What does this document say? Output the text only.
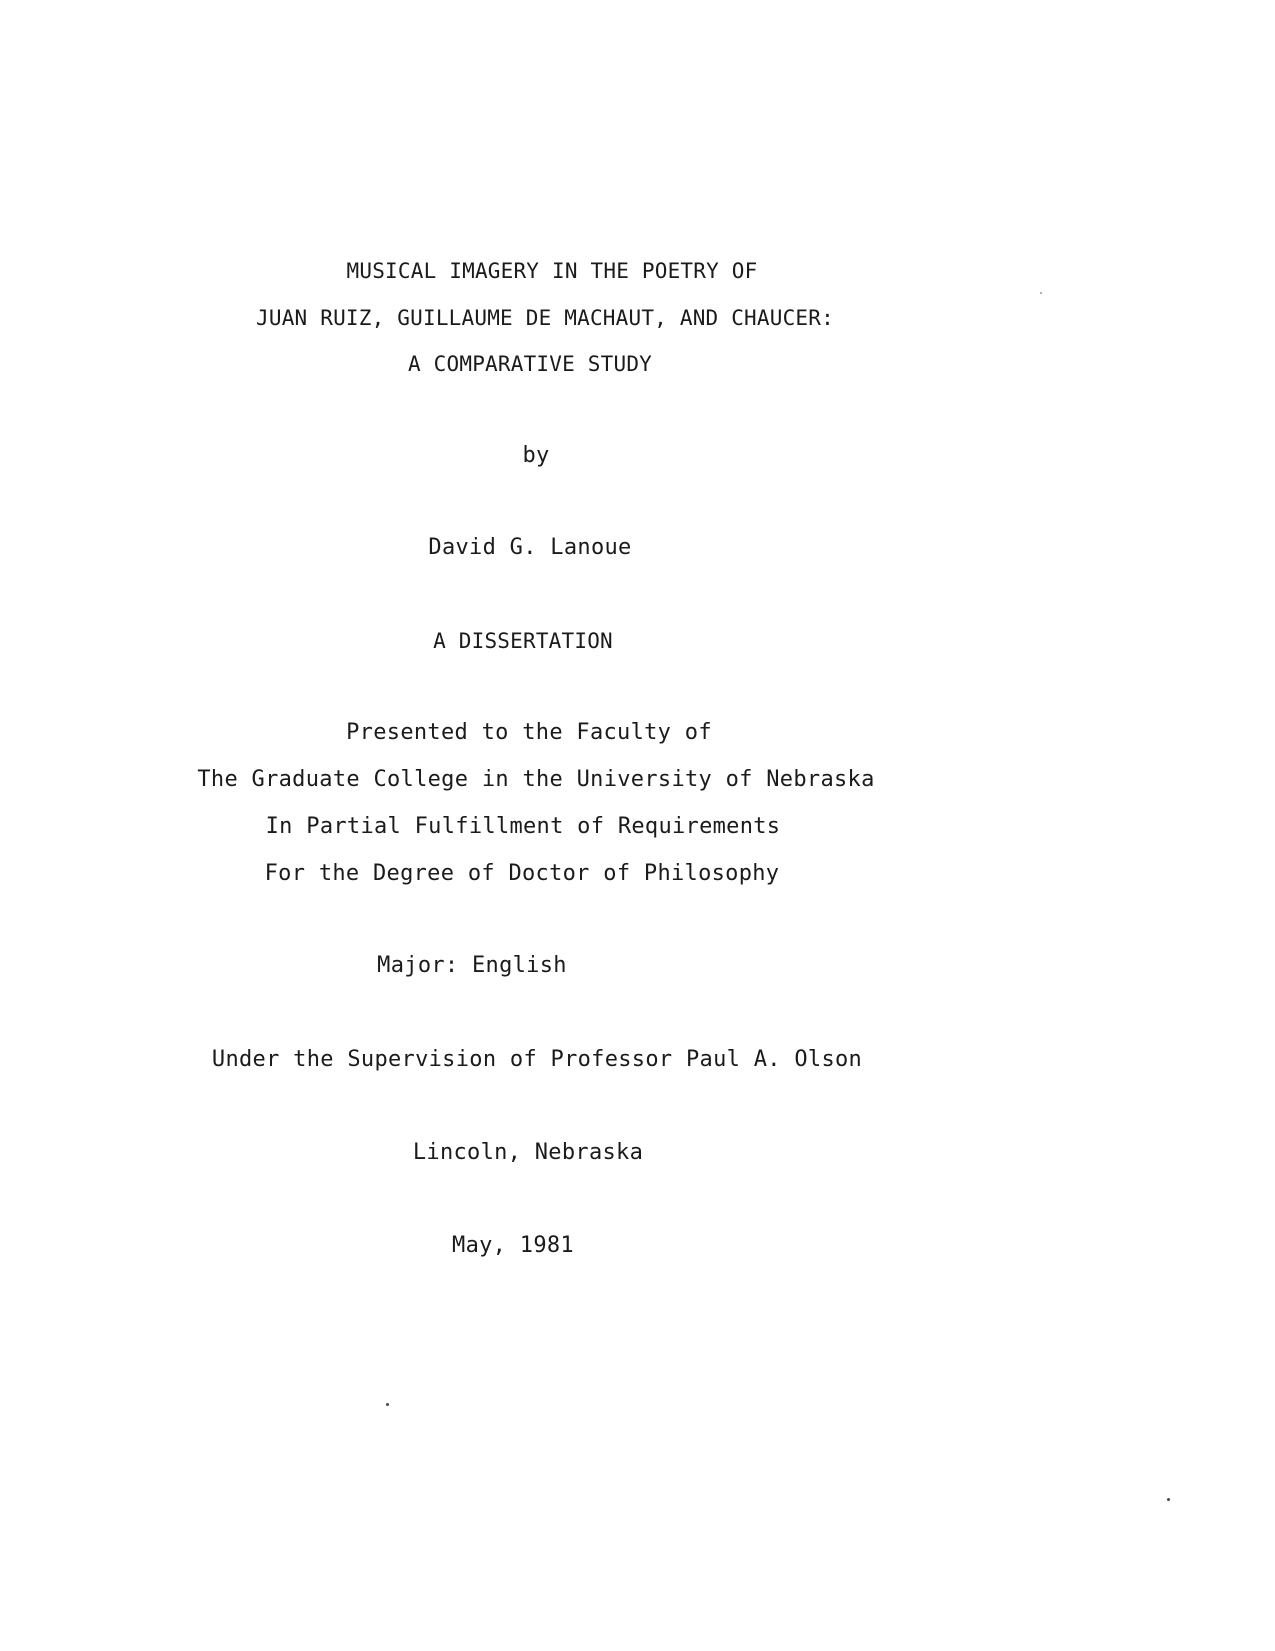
MUSICAL IMAGERY IN THE POETRY OF
JUAN RUIZ, GUILLAUME DE MACHAUT, AND CHAUCER:
A COMPARATIVE STUDY
by
David G. Lanoue
A DISSERTATION
Presented to the Faculty of
The Graduate College in the University of Nebraska
In Partial Fulfillment of Requirements
For the Degree of Doctor of Philosophy
Major: English
Under the Supervision of Professor Paul A. Olson
Lincoln, Nebraska
May, 1981
